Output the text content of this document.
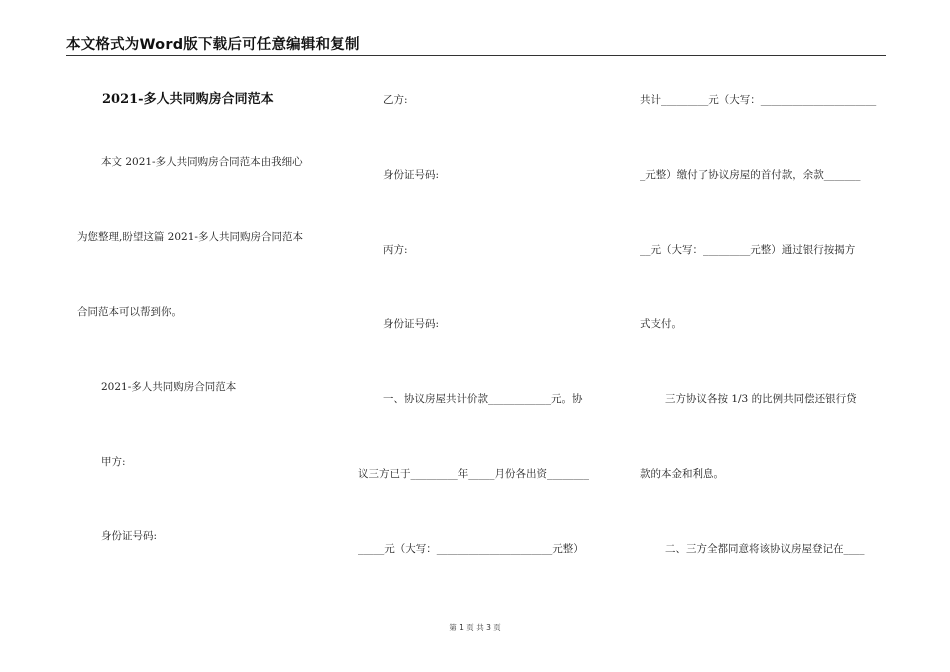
本文格式为Word版下载后可任意编辑和复制
2021-多人共同购房合同范本
本文 2021-多人共同购房合同范本由我细心
为您整理,盼望这篇 2021-多人共同购房合同范本
合同范本可以帮到你。
2021-多人共同购房合同范本
甲方:
身份证号码:
乙方:
身份证号码:
丙方:
身份证号码:
一、协议房屋共计价款____________元。协
议三方已于_________年_____月份各出资________
_____元（大写：______________________元整）
共计_________元（大写：______________________
_元整）缴付了协议房屋的首付款，余款_______
__元（大写：_________元整）通过银行按揭方
式支付。
三方协议各按 1/3 的比例共同偿还银行贷
款的本金和利息。
二、三方全都同意将该协议房屋登记在____
第 1 页 共 3 页
